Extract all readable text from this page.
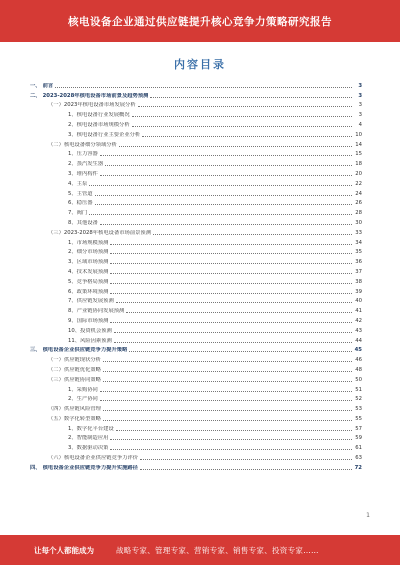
核电设备企业通过供应链提升核心竞争力策略研究报告
内容目录
一、 前言	3
二、 2023-2028年核电设备市场前景及趋势预测	3
（一）2023年核电设备市场发展分析	3
1、核电设备行业发展概况	3
2、核电设备市场规模分析	4
3、核电设备行业主要企业分析	10
（二）核电设备细分领域分析	14
1、压力容器	15
2、蒸汽发生器	18
3、堆内构件	20
4、主泵	22
5、主管道	24
6、稳压器	26
7、阀门	28
8、其他设备	30
（三）2023-2028年核电设备市场前景预测	33
1、市场规模预测	34
2、细分市场预测	35
3、区域市场预测	36
4、技术发展预测	37
5、竞争格局预测	38
6、政策环境预测	39
7、供应链发展预测	40
8、产业链协同发展预测	41
9、国际市场预测	42
10、投资机会预测	43
11、风险因素预测	44
三、 核电设备企业供应链竞争力提升策略	45
（一）供应链现状分析	46
（二）供应链优化策略	48
（三）供应链协同策略	50
1、采购协同	51
2、生产协同	52
（四）供应链风险管理	53
（五）数字化转型策略	55
1、数字化平台建设	57
2、智能制造应用	59
3、数据驱动决策	61
（六）核电设备企业供应链竞争力评价	63
四、 核电设备企业供应链竞争力提升实施路径	72
1
让每个人都能成为	战略专家、管理专家、营销专家、销售专家、投资专家……
